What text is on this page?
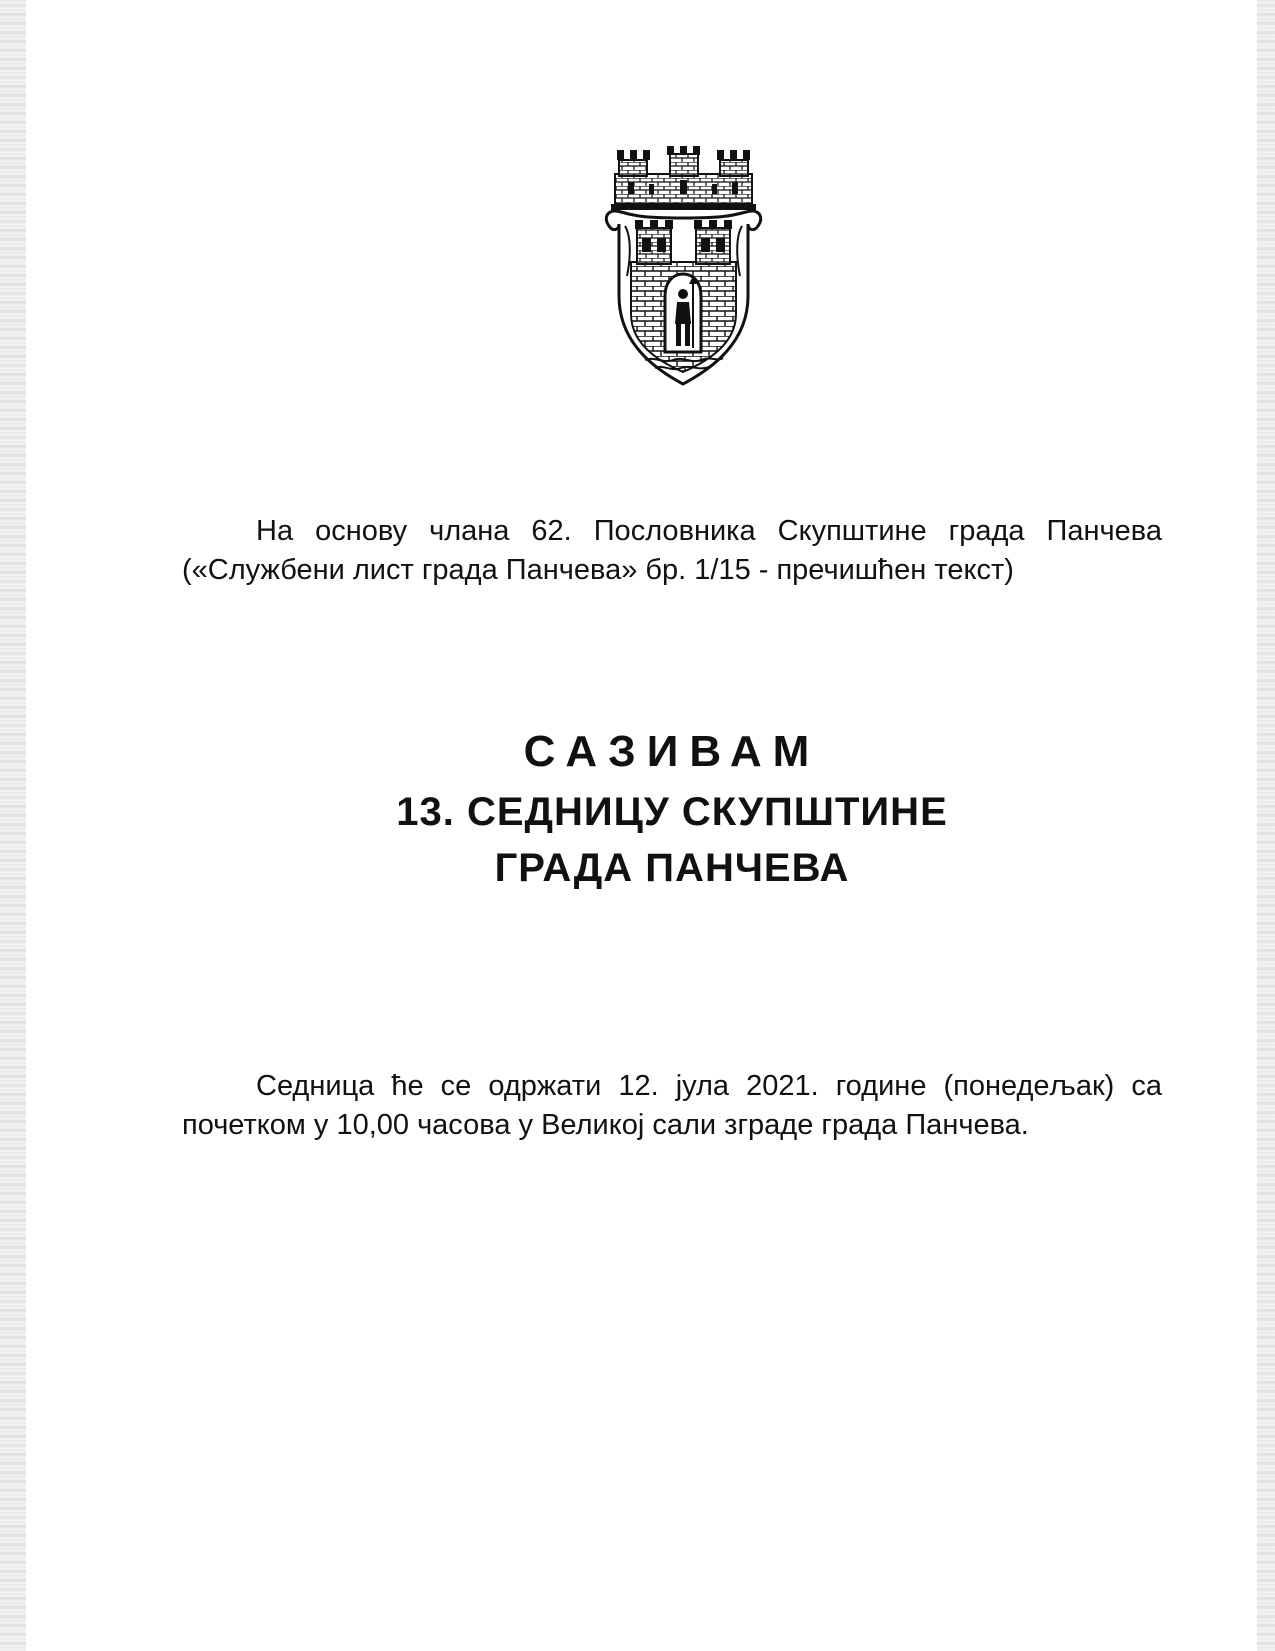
На основу члана 62. Пословника Скупштине града Панчева («Службени лист града Панчева» бр. 1/15 - пречишћен текст)

САЗИВАМ
13. СЕДНИЦУ СКУПШТИНЕ
ГРАДА ПАНЧЕВА

Седница ће се одржати 12. јула 2021. године (понедељак) са почетком у 10,00 часова у Великој сали зграде града Панчева.
